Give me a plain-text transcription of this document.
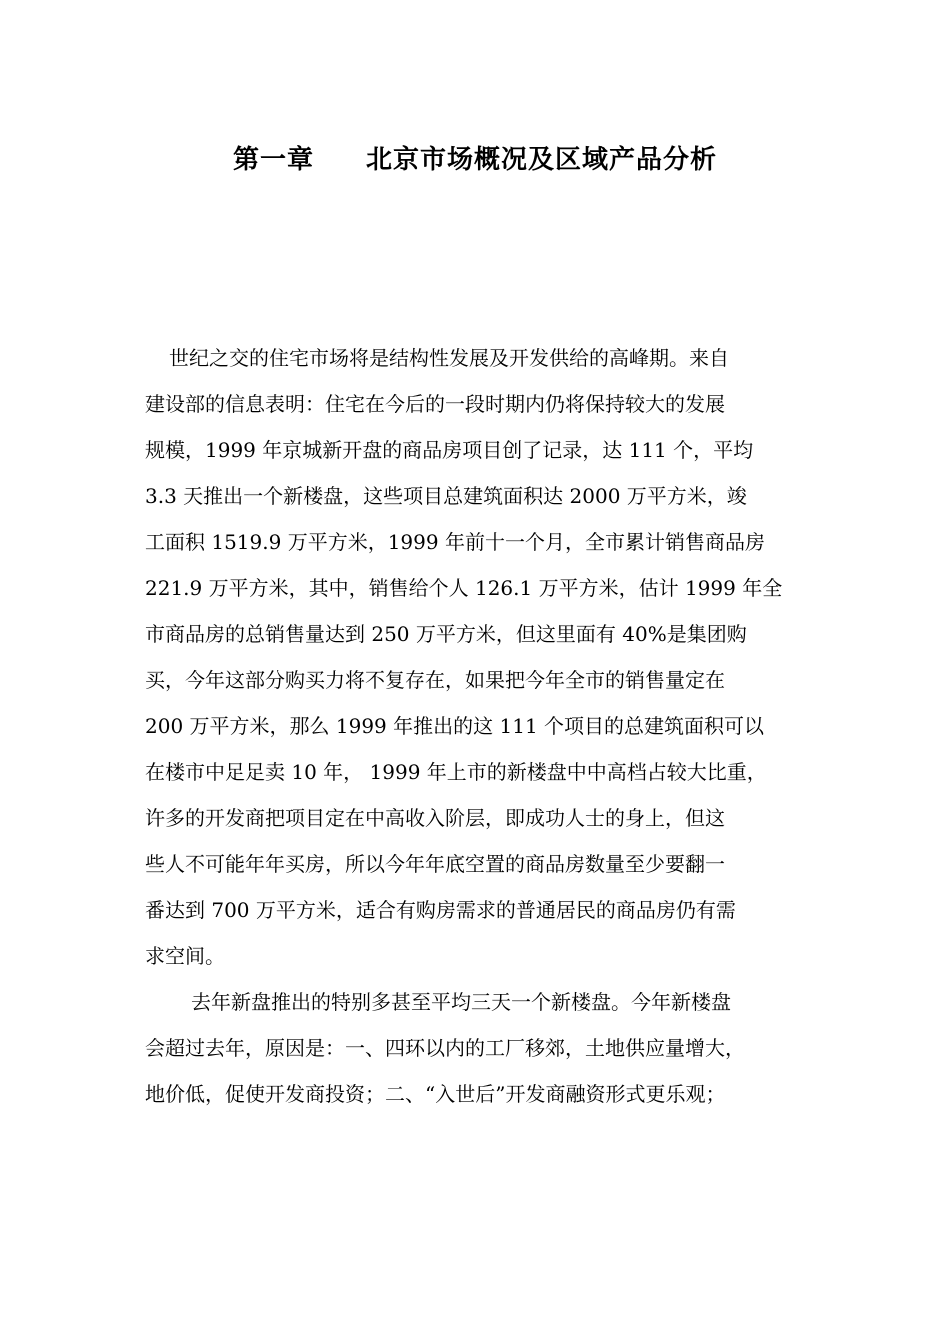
第一章 北京市场概况及区域产品分析
世纪之交的住宅市场将是结构性发展及开发供给的高峰期。来自
建设部的信息表明：住宅在今后的一段时期内仍将保持较大的发展
规模，1999 年京城新开盘的商品房项目创了记录，达 111 个，平均
3.3 天推出一个新楼盘，这些项目总建筑面积达 2000 万平方米，竣
工面积 1519.9 万平方米，1999 年前十一个月，全市累计销售商品房
221.9 万平方米，其中，销售给个人 126.1 万平方米，估计 1999 年全
市商品房的总销售量达到 250 万平方米，但这里面有 40%是集团购
买，今年这部分购买力将不复存在，如果把今年全市的销售量定在
200 万平方米，那么 1999 年推出的这 111 个项目的总建筑面积可以
在楼市中足足卖 10 年， 1999 年上市的新楼盘中中高档占较大比重，
许多的开发商把项目定在中高收入阶层，即成功人士的身上，但这
些人不可能年年买房，所以今年年底空置的商品房数量至少要翻一
番达到 700 万平方米，适合有购房需求的普通居民的商品房仍有需
求空间。
去年新盘推出的特别多甚至平均三天一个新楼盘。今年新楼盘
会超过去年，原因是：一、四环以内的工厂移郊，土地供应量增大，
地价低，促使开发商投资；二、“入世后”开发商融资形式更乐观；
